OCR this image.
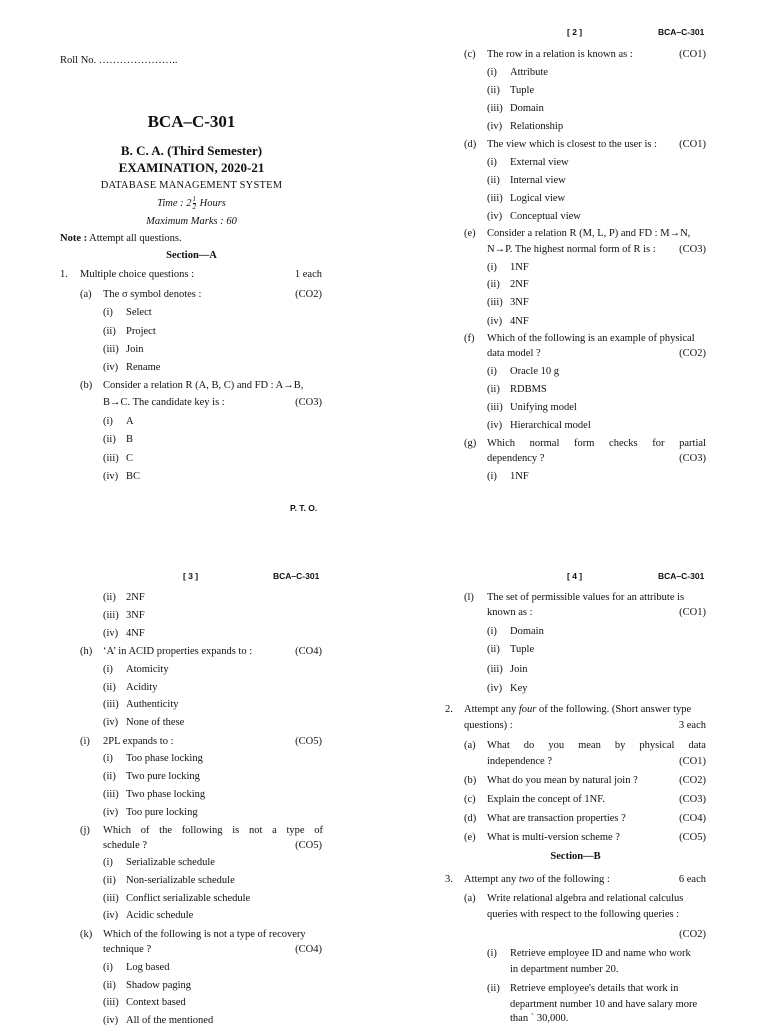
Roll No. …………………..
BCA–C-301
B. C. A. (Third Semester)
EXAMINATION, 2020-21
DATABASE MANAGEMENT SYSTEM
Time : $2 \frac{1}{2}$ Hours
Maximum Marks : 60
Note : Attempt all questions.
Section—A
1. Multiple choice questions :	1 each
(a) The σ symbol denotes :	(CO2)
(i) Select
(ii) Project
(iii) Join
(iv) Rename
(b) Consider a relation R (A, B, C) and FD : A→B,
B→C. The candidate key is :	(CO3)
(i) A
(ii) B
(iii) C
(iv) BC
P. T. O.
[ 2 ]	BCA–C-301
(c) The row in a relation is known as :	(CO1)
(i) Attribute
(ii) Tuple
(iii) Domain
(iv) Relationship
(d) The view which is closest to the user is : (CO1)
(i) External view
(ii) Internal view
(iii) Logical view
(iv) Conceptual view
(e) Consider a relation R (M, L, P) and FD : M→N,
N→P. The highest normal form of R is : (CO3)
(i) 1NF
(ii) 2NF
(iii) 3NF
(iv) 4NF
(f) Which of the following is an example of physical
data model ?	(CO2)
(i) Oracle 10 g
(ii) RDBMS
(iii) Unifying model
(iv) Hierarchical model
(g) Which normal form checks for partial
dependency ?	(CO3)
(i) 1NF
[ 3 ]	BCA–C-301
(ii) 2NF
(iii) 3NF
(iv) 4NF
(h) ‘A’ in ACID properties expands to :	(CO4)
(i) Atomicity
(ii) Acidity
(iii) Authenticity
(iv) None of these
(i) 2PL expands to :	(CO5)
(i) Too phase locking
(ii) Two pure locking
(iii) Two phase locking
(iv) Too pure locking
(j) Which of the following is not a type of
schedule ?	(CO5)
(i) Serializable schedule
(ii) Non-serializable schedule
(iii) Conflict serializable schedule
(iv) Acidic schedule
(k) Which of the following is not a type of recovery
technique ?	(CO4)
(i) Log based
(ii) Shadow paging
(iii) Context based
(iv) All of the mentioned
[ 4 ]	BCA–C-301
(l) The set of permissible values for an attribute is
known as :	(CO1)
(i) Domain
(ii) Tuple
(iii) Join
(iv) Key
2. Attempt any four of the following. (Short answer type
questions) :	3 each
(a) What do you mean by physical data
independence ?	(CO1)
(b) What do you mean by natural join ?	(CO2)
(c) Explain the concept of 1NF.	(CO3)
(d) What are transaction properties ?	(CO4)
(e) What is multi-version scheme ?	(CO5)
Section—B
3. Attempt any two of the following :	6 each
(a) Write relational algebra and relational calculus
queries with respect to the following queries :
(CO2)
(i) Retrieve employee ID and name who work
in department number 20.
(ii) Retrieve employee's details that work in
department number 10 and have salary more
than ` 30,000.
